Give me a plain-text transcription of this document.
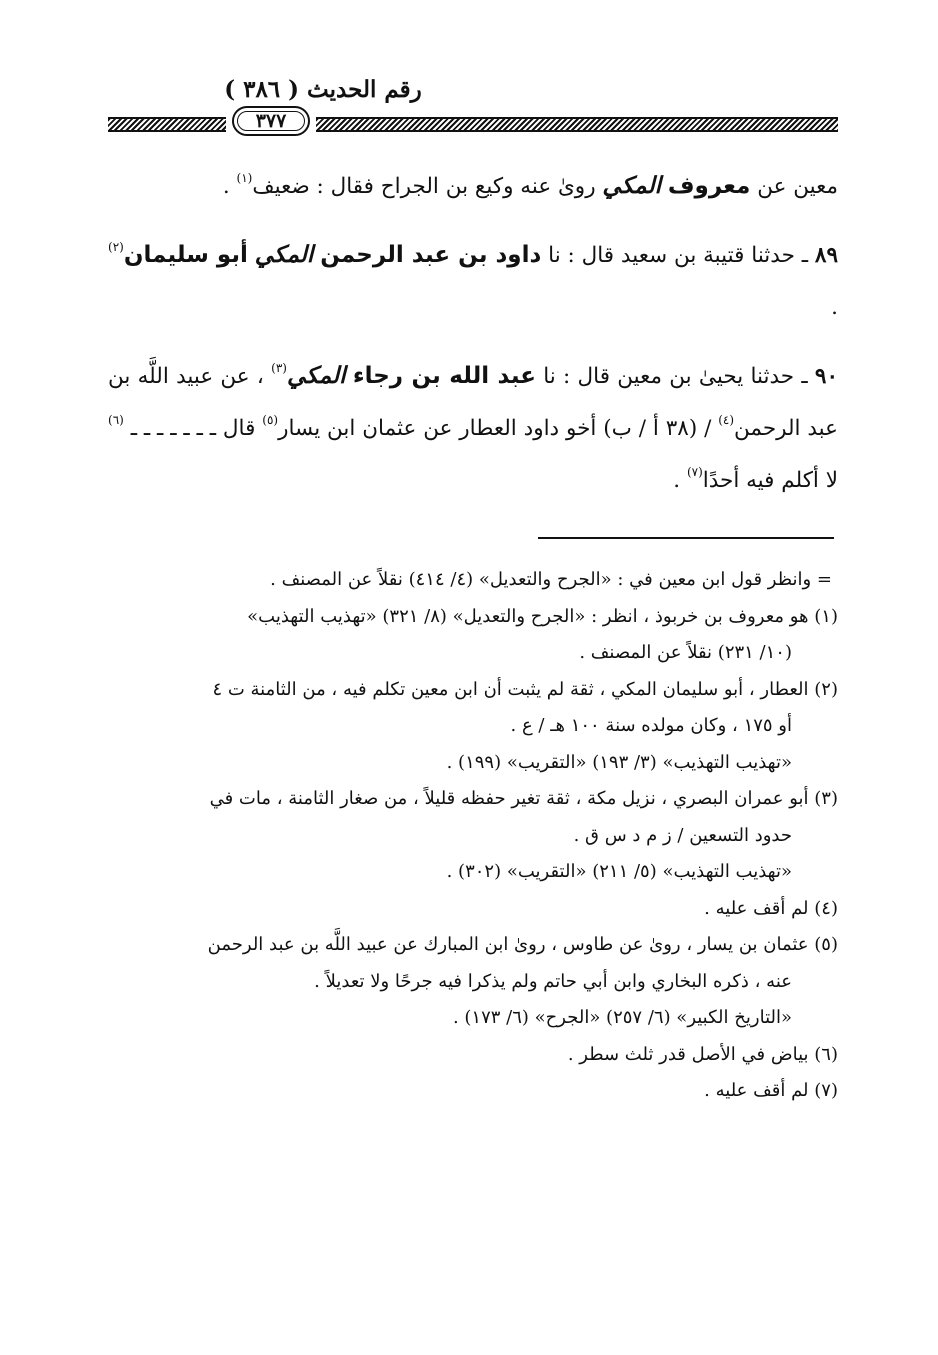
رقم الحديث ( ٣٨٦ )
٣٧٧

معين عن معروف المكي روىٰ عنه وكيع بن الجراح فقال : ضعيف$^{(١)}$ .

٨٩ ـ حدثنا قتيبة بن سعيد قال : نا داود بن عبد الرحمن المكي أبو سليمان$^{(٢)}$ .

٩٠ ـ حدثنا يحيىٰ بن معين قال : نا عبد الله بن رجاء المكي$^{(٣)}$ ، عن عبيد اللَّه بن عبد الرحمن$^{(٤)}$ / (٣٨ أ / ب) أخو داود العطار عن عثمان ابن يسار$^{(٥)}$ قال ـ ـ ـ ـ ـ ـ ـ $^{(٦)}$ لا أكلم فيه أحدًا$^{(٧)}$ .

= وانظر قول ابن معين في : «الجرح والتعديل» (٤/ ٤١٤) نقلاً عن المصنف .

(١) هو معروف بن خربوذ ، انظر : «الجرح والتعديل» (٨/ ٣٢١) «تهذيب التهذيب»

(١٠/ ٢٣١) نقلاً عن المصنف .

(٢) العطار ، أبو سليمان المكي ، ثقة لم يثبت أن ابن معين تكلم فيه ، من الثامنة ت ٤

أو ١٧٥ ، وكان مولده سنة ١٠٠ هـ / ع .

«تهذيب التهذيب» (٣/ ١٩٣) «التقريب» (١٩٩) .

(٣) أبو عمران البصري ، نزيل مكة ، ثقة تغير حفظه قليلاً ، من صغار الثامنة ، مات في

حدود التسعين / ز م د س ق .

«تهذيب التهذيب» (٥/ ٢١١) «التقريب» (٣٠٢) .

(٤) لم أقف عليه .

(٥) عثمان بن يسار ، روىٰ عن طاوس ، روىٰ ابن المبارك عن عبيد اللَّه بن عبد الرحمن

عنه ، ذكره البخاري وابن أبي حاتم ولم يذكرا فيه جرحًا ولا تعديلاً .

«التاريخ الكبير» (٦/ ٢٥٧) «الجرح» (٦/ ١٧٣) .

(٦) بياض في الأصل قدر ثلث سطر .

(٧) لم أقف عليه .
